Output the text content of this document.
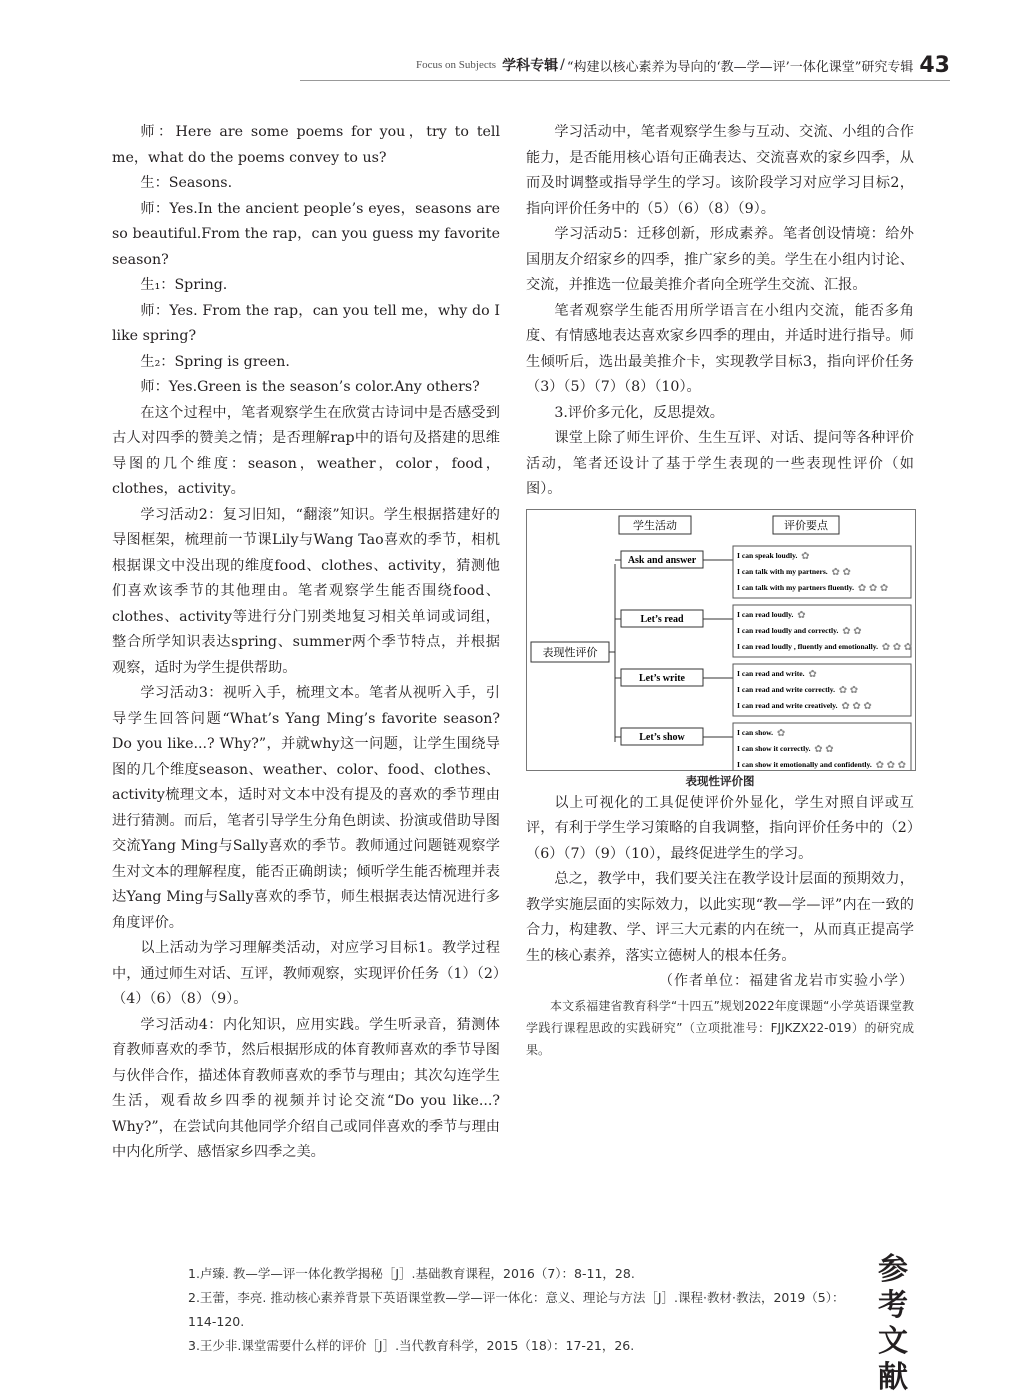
Focus on Subjects 学科专辑 / “构建以核心素养为导向的‘教—学—评’一体化课堂”研究专辑 43

师：Here are some poems for you，try to tell me，what do the poems convey to us?

生：Seasons.

师：Yes.In the ancient people’s eyes，seasons are so beautiful.From the rap，can you guess my favorite season?

生₁：Spring.

师：Yes. From the rap，can you tell me，why do I like spring?

生₂：Spring is green.

师：Yes.Green is the season’s color.Any others?

在这个过程中，笔者观察学生在欣赏古诗词中是否感受到古人对四季的赞美之情；是否理解rap中的语句及搭建的思维导图的几个维度：season，weather，color，food，clothes，activity。

学习活动2：复习旧知，“翻滚”知识。学生根据搭建好的导图框架，梳理前一节课Lily与Wang Tao喜欢的季节，相机根据课文中没出现的维度food、clothes、activity，猜测他们喜欢该季节的其他理由。笔者观察学生能否围绕food、clothes、activity等进行分门别类地复习相关单词或词组，整合所学知识表达spring、summer两个季节特点，并根据观察，适时为学生提供帮助。

学习活动3：视听入手，梳理文本。笔者从视听入手，引导学生回答问题“What’s Yang Ming’s favorite season? Do you like...? Why?”，并就why这一问题，让学生围绕导图的几个维度season、weather、color、food、clothes、activity梳理文本，适时对文本中没有提及的喜欢的季节理由进行猜测。而后，笔者引导学生分角色朗读、扮演或借助导图交流Yang Ming与Sally喜欢的季节。教师通过问题链观察学生对文本的理解程度，能否正确朗读；倾听学生能否梳理并表达Yang Ming与Sally喜欢的季节，师生根据表达情况进行多角度评价。

以上活动为学习理解类活动，对应学习目标1。教学过程中，通过师生对话、互评，教师观察，实现评价任务（1）（2）（4）（6）（8）（9）。

学习活动4：内化知识，应用实践。学生听录音，猜测体育教师喜欢的季节，然后根据形成的体育教师喜欢的季节导图与伙伴合作，描述体育教师喜欢的季节与理由；其次勾连学生生活，观看故乡四季的视频并讨论交流“Do you like...? Why?”，在尝试向其他同学介绍自己或同伴喜欢的季节与理由中内化所学、感悟家乡四季之美。

学习活动中，笔者观察学生参与互动、交流、小组的合作能力，是否能用核心语句正确表达、交流喜欢的家乡四季，从而及时调整或指导学生的学习。该阶段学习对应学习目标2，指向评价任务中的（5）（6）（8）（9）。

学习活动5：迁移创新，形成素养。笔者创设情境：给外国朋友介绍家乡的四季，推广家乡的美。学生在小组内讨论、交流，并推选一位最美推介者向全班学生交流、汇报。

笔者观察学生能否用所学语言在小组内交流，能否多角度、有情感地表达喜欢家乡四季的理由，并适时进行指导。师生倾听后，选出最美推介卡，实现教学目标3，指向评价任务（3）（5）（7）（8）（10）。

3.评价多元化，反思提效。

课堂上除了师生评价、生生互评、对话、提问等各种评价活动，笔者还设计了基于学生表现的一些表现性评价（如图）。

学生活动	评价要点
表现性评价
Ask and answer	I can speak loudly. ✿
I can talk with my partners. ✿ ✿
I can talk with my partners fluently. ✿ ✿ ✿
Let’s read	I can read loudly. ✿
I can read loudly and correctly. ✿ ✿
I can read loudly , fluently and emotionally. ✿ ✿ ✿
Let’s write	I can read and write. ✿
I can read and write correctly. ✿ ✿
I can read and write creatively. ✿ ✿ ✿
Let’s show	I can show. ✿
I can show it correctly. ✿ ✿
I can show it emotionally and confidently. ✿ ✿ ✿

表现性评价图

以上可视化的工具促使评价外显化，学生对照自评或互评，有利于学生学习策略的自我调整，指向评价任务中的（2）（6）（7）（9）（10），最终促进学生的学习。

总之，教学中，我们要关注在教学设计层面的预期效力，教学实施层面的实际效力，以此实现“教—学—评”内在一致的合力，构建教、学、评三大元素的内在统一，从而真正提高学生的核心素养，落实立德树人的根本任务。

（作者单位：福建省龙岩市实验小学）

本文系福建省教育科学“十四五”规划2022年度课题“小学英语课堂教学践行课程思政的实践研究”（立项批准号：FJJKZX22-019）的研究成果。

1.卢臻. 教—学—评一体化教学揭秘［J］.基础教育课程，2016（7）：8-11，28.

2.王蕾，李亮. 推动核心素养背景下英语课堂教—学—评一体化：意义、理论与方法［J］.课程·教材·教法，2019（5）：114-120.

3.王少非.课堂需要什么样的评价［J］.当代教育科学，2015（18）：17-21，26.

参考文献
